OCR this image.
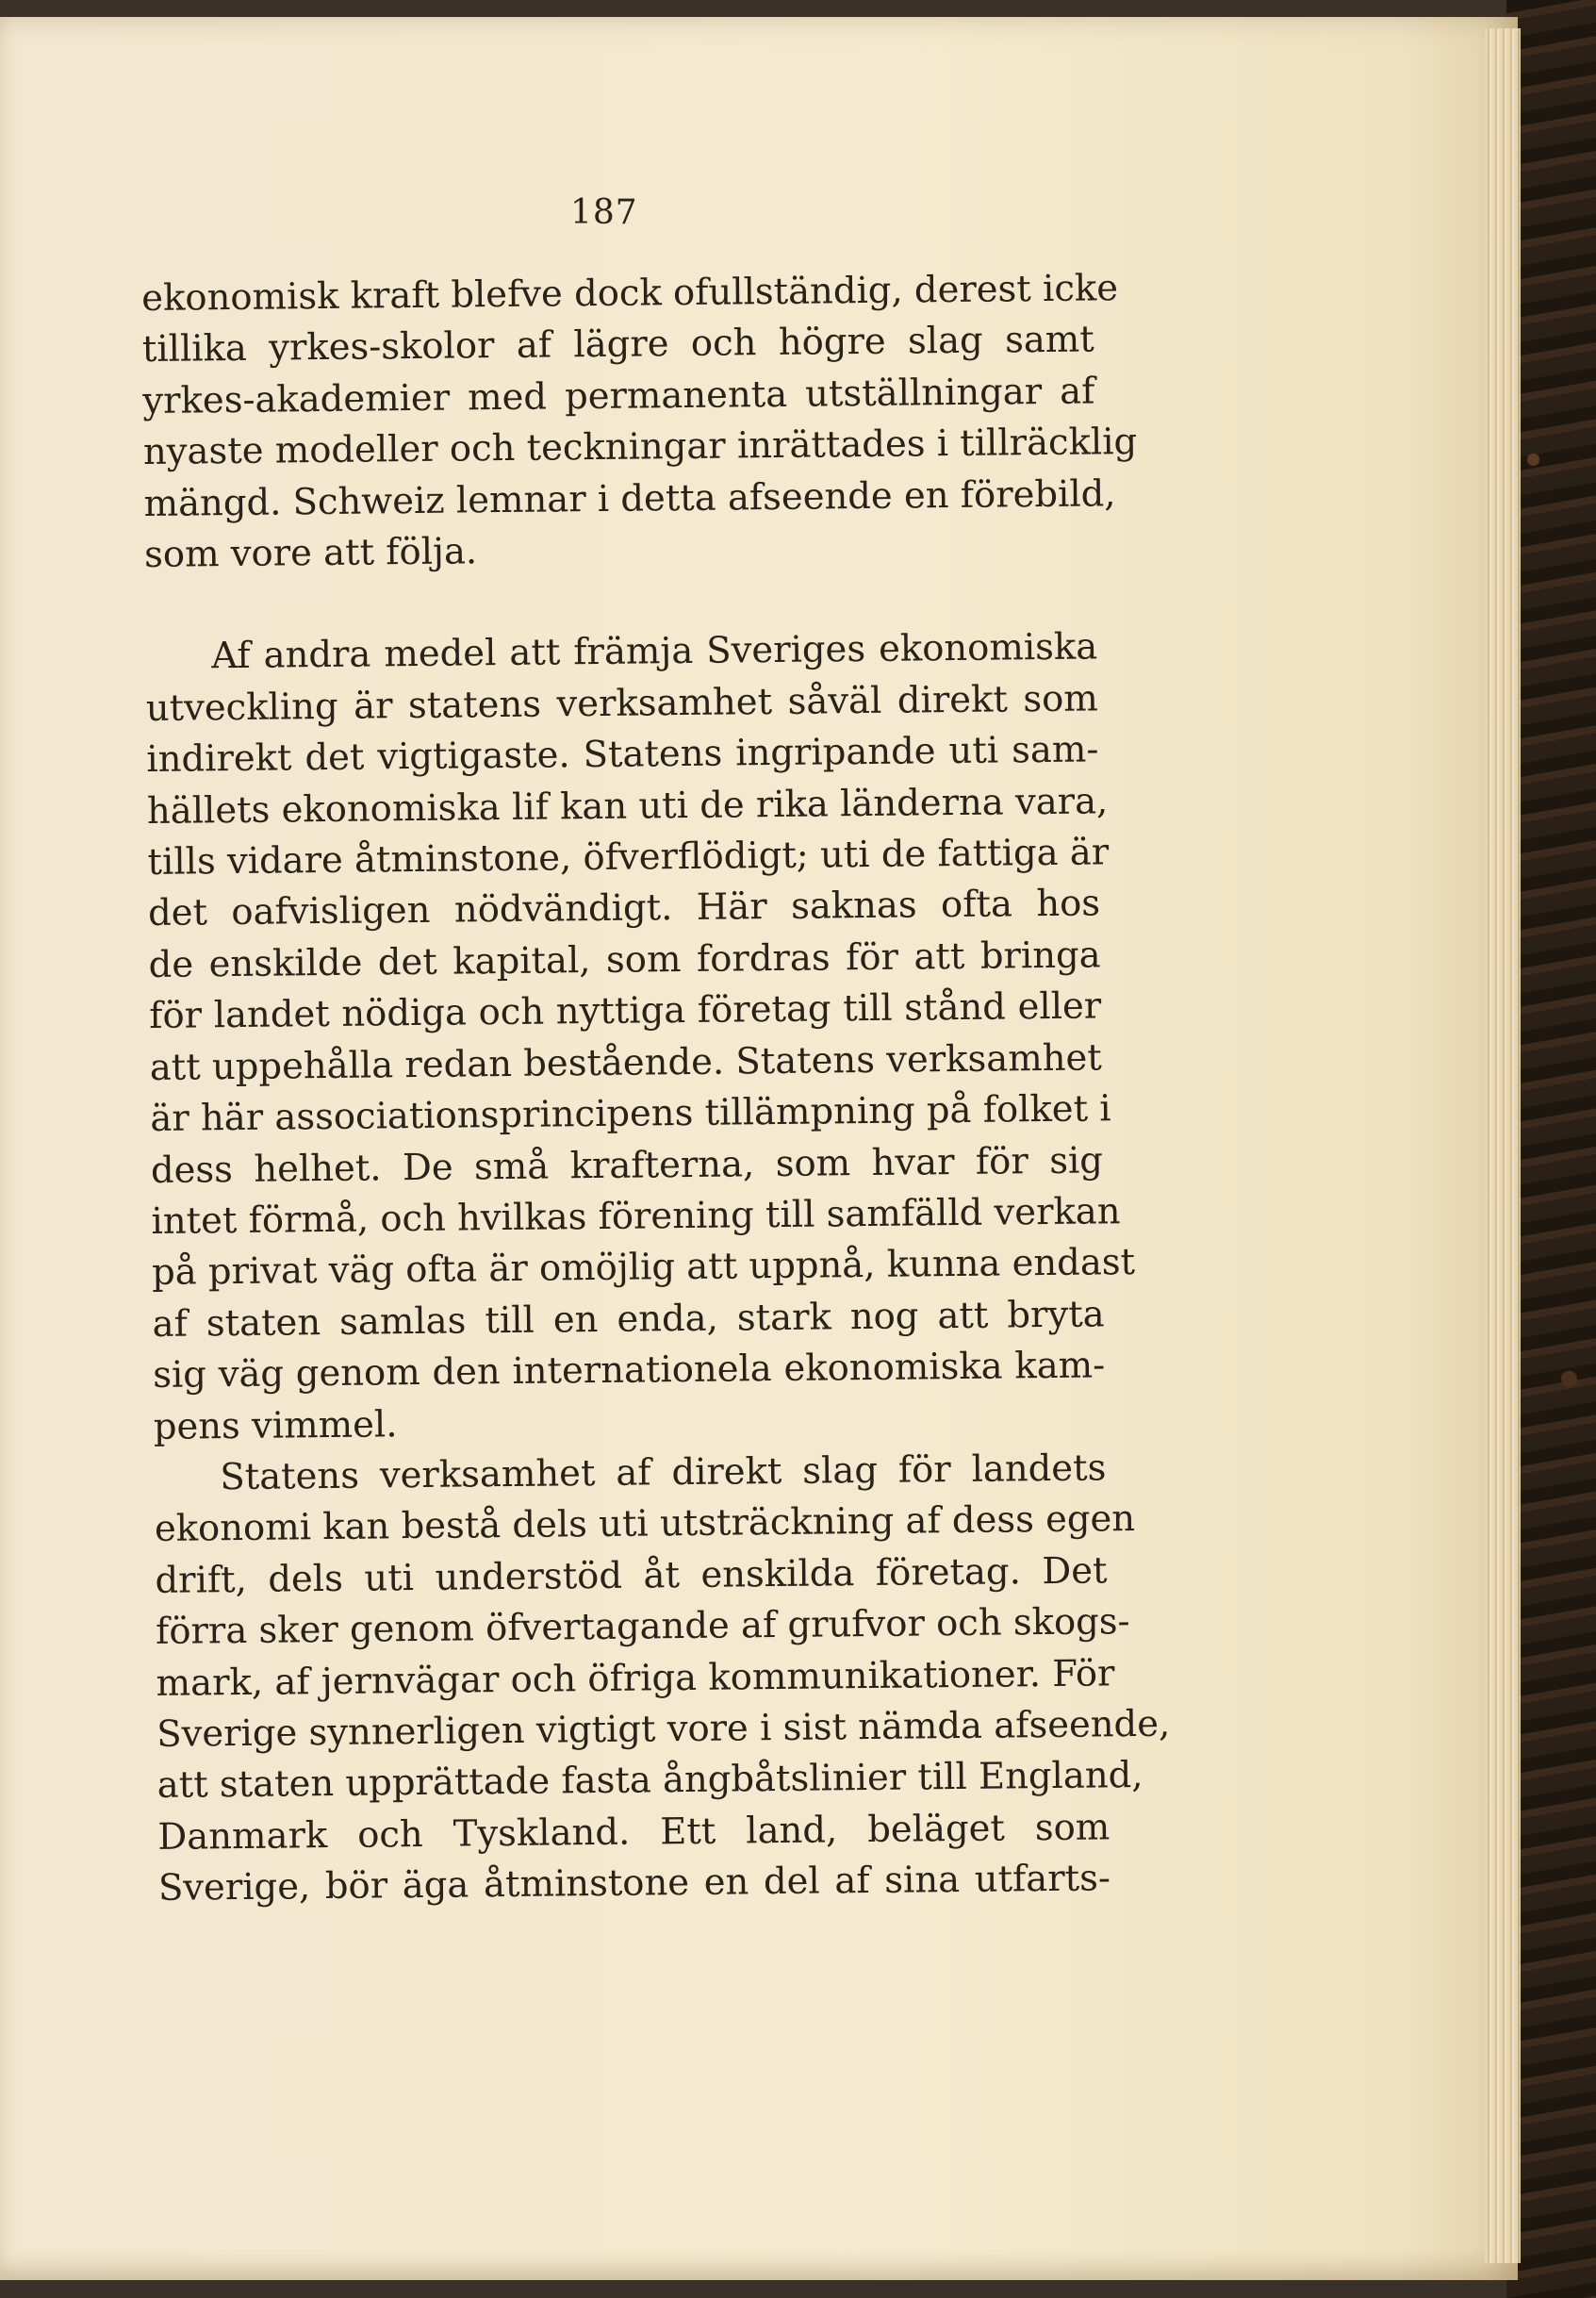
187
ekonomisk kraft blefve dock ofullständig, derest icke
tillika yrkes-skolor af lägre och högre slag samt
yrkes-akademier med permanenta utställningar af
nyaste modeller och teckningar inrättades i tillräcklig
mängd. Schweiz lemnar i detta afseende en förebild,
som vore att följa.
Af andra medel att främja Sveriges ekonomiska
utveckling är statens verksamhet såväl direkt som
indirekt det vigtigaste. Statens ingripande uti sam-
hällets ekonomiska lif kan uti de rika länderna vara,
tills vidare åtminstone, öfverflödigt; uti de fattiga är
det oafvisligen nödvändigt. Här saknas ofta hos
de enskilde det kapital, som fordras för att bringa
för landet nödiga och nyttiga företag till stånd eller
att uppehålla redan bestående. Statens verksamhet
är här associationsprincipens tillämpning på folket i
dess helhet. De små krafterna, som hvar för sig
intet förmå, och hvilkas förening till samfälld verkan
på privat väg ofta är omöjlig att uppnå, kunna endast
af staten samlas till en enda, stark nog att bryta
sig väg genom den internationela ekonomiska kam-
pens vimmel.
Statens verksamhet af direkt slag för landets
ekonomi kan bestå dels uti utsträckning af dess egen
drift, dels uti understöd åt enskilda företag. Det
förra sker genom öfvertagande af grufvor och skogs-
mark, af jernvägar och öfriga kommunikationer. För
Sverige synnerligen vigtigt vore i sist nämda afseende,
att staten upprättade fasta ångbåtslinier till England,
Danmark och Tyskland. Ett land, beläget som
Sverige, bör äga åtminstone en del af sina utfarts-
